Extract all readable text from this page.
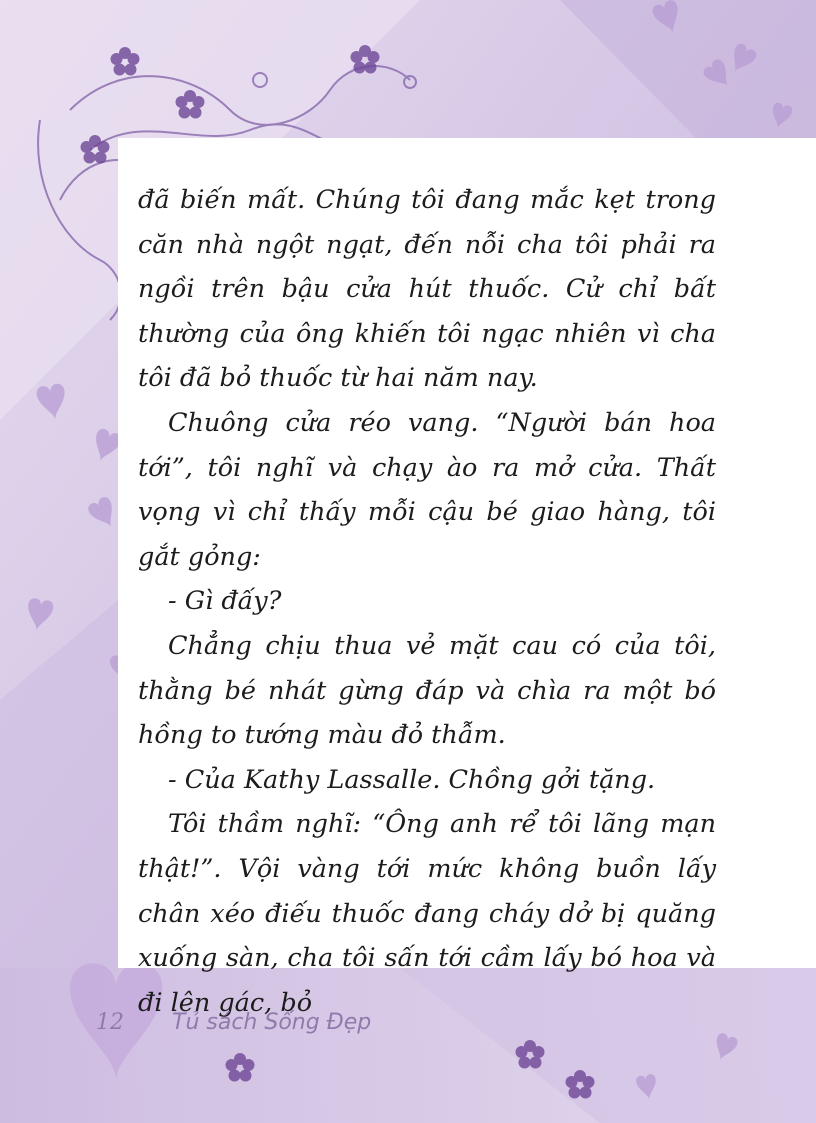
đã biến mất. Chúng tôi đang mắc kẹt trong căn nhà ngột ngạt, đến nỗi cha tôi phải ra ngồi trên bậu cửa hút thuốc. Cử chỉ bất thường của ông khiến tôi ngạc nhiên vì cha tôi đã bỏ thuốc từ hai năm nay.

Chuông cửa réo vang. “Người bán hoa tới”, tôi nghĩ và chạy ào ra mở cửa. Thất vọng vì chỉ thấy mỗi cậu bé giao hàng, tôi gắt gỏng:

- Gì đấy?

Chẳng chịu thua vẻ mặt cau có của tôi, thằng bé nhát gừng đáp và chìa ra một bó hồng to tướng màu đỏ thẫm.

- Của Kathy Lassalle. Chồng gởi tặng.

Tôi thầm nghĩ: “Ông anh rể tôi lãng mạn thật!”. Vội vàng tới mức không buồn lấy chân xéo điếu thuốc đang cháy dở bị quăng xuống sàn, cha tôi sấn tới cầm lấy bó hoa và đi lên gác, bỏ

12 Tủ sách Sống Đẹp
